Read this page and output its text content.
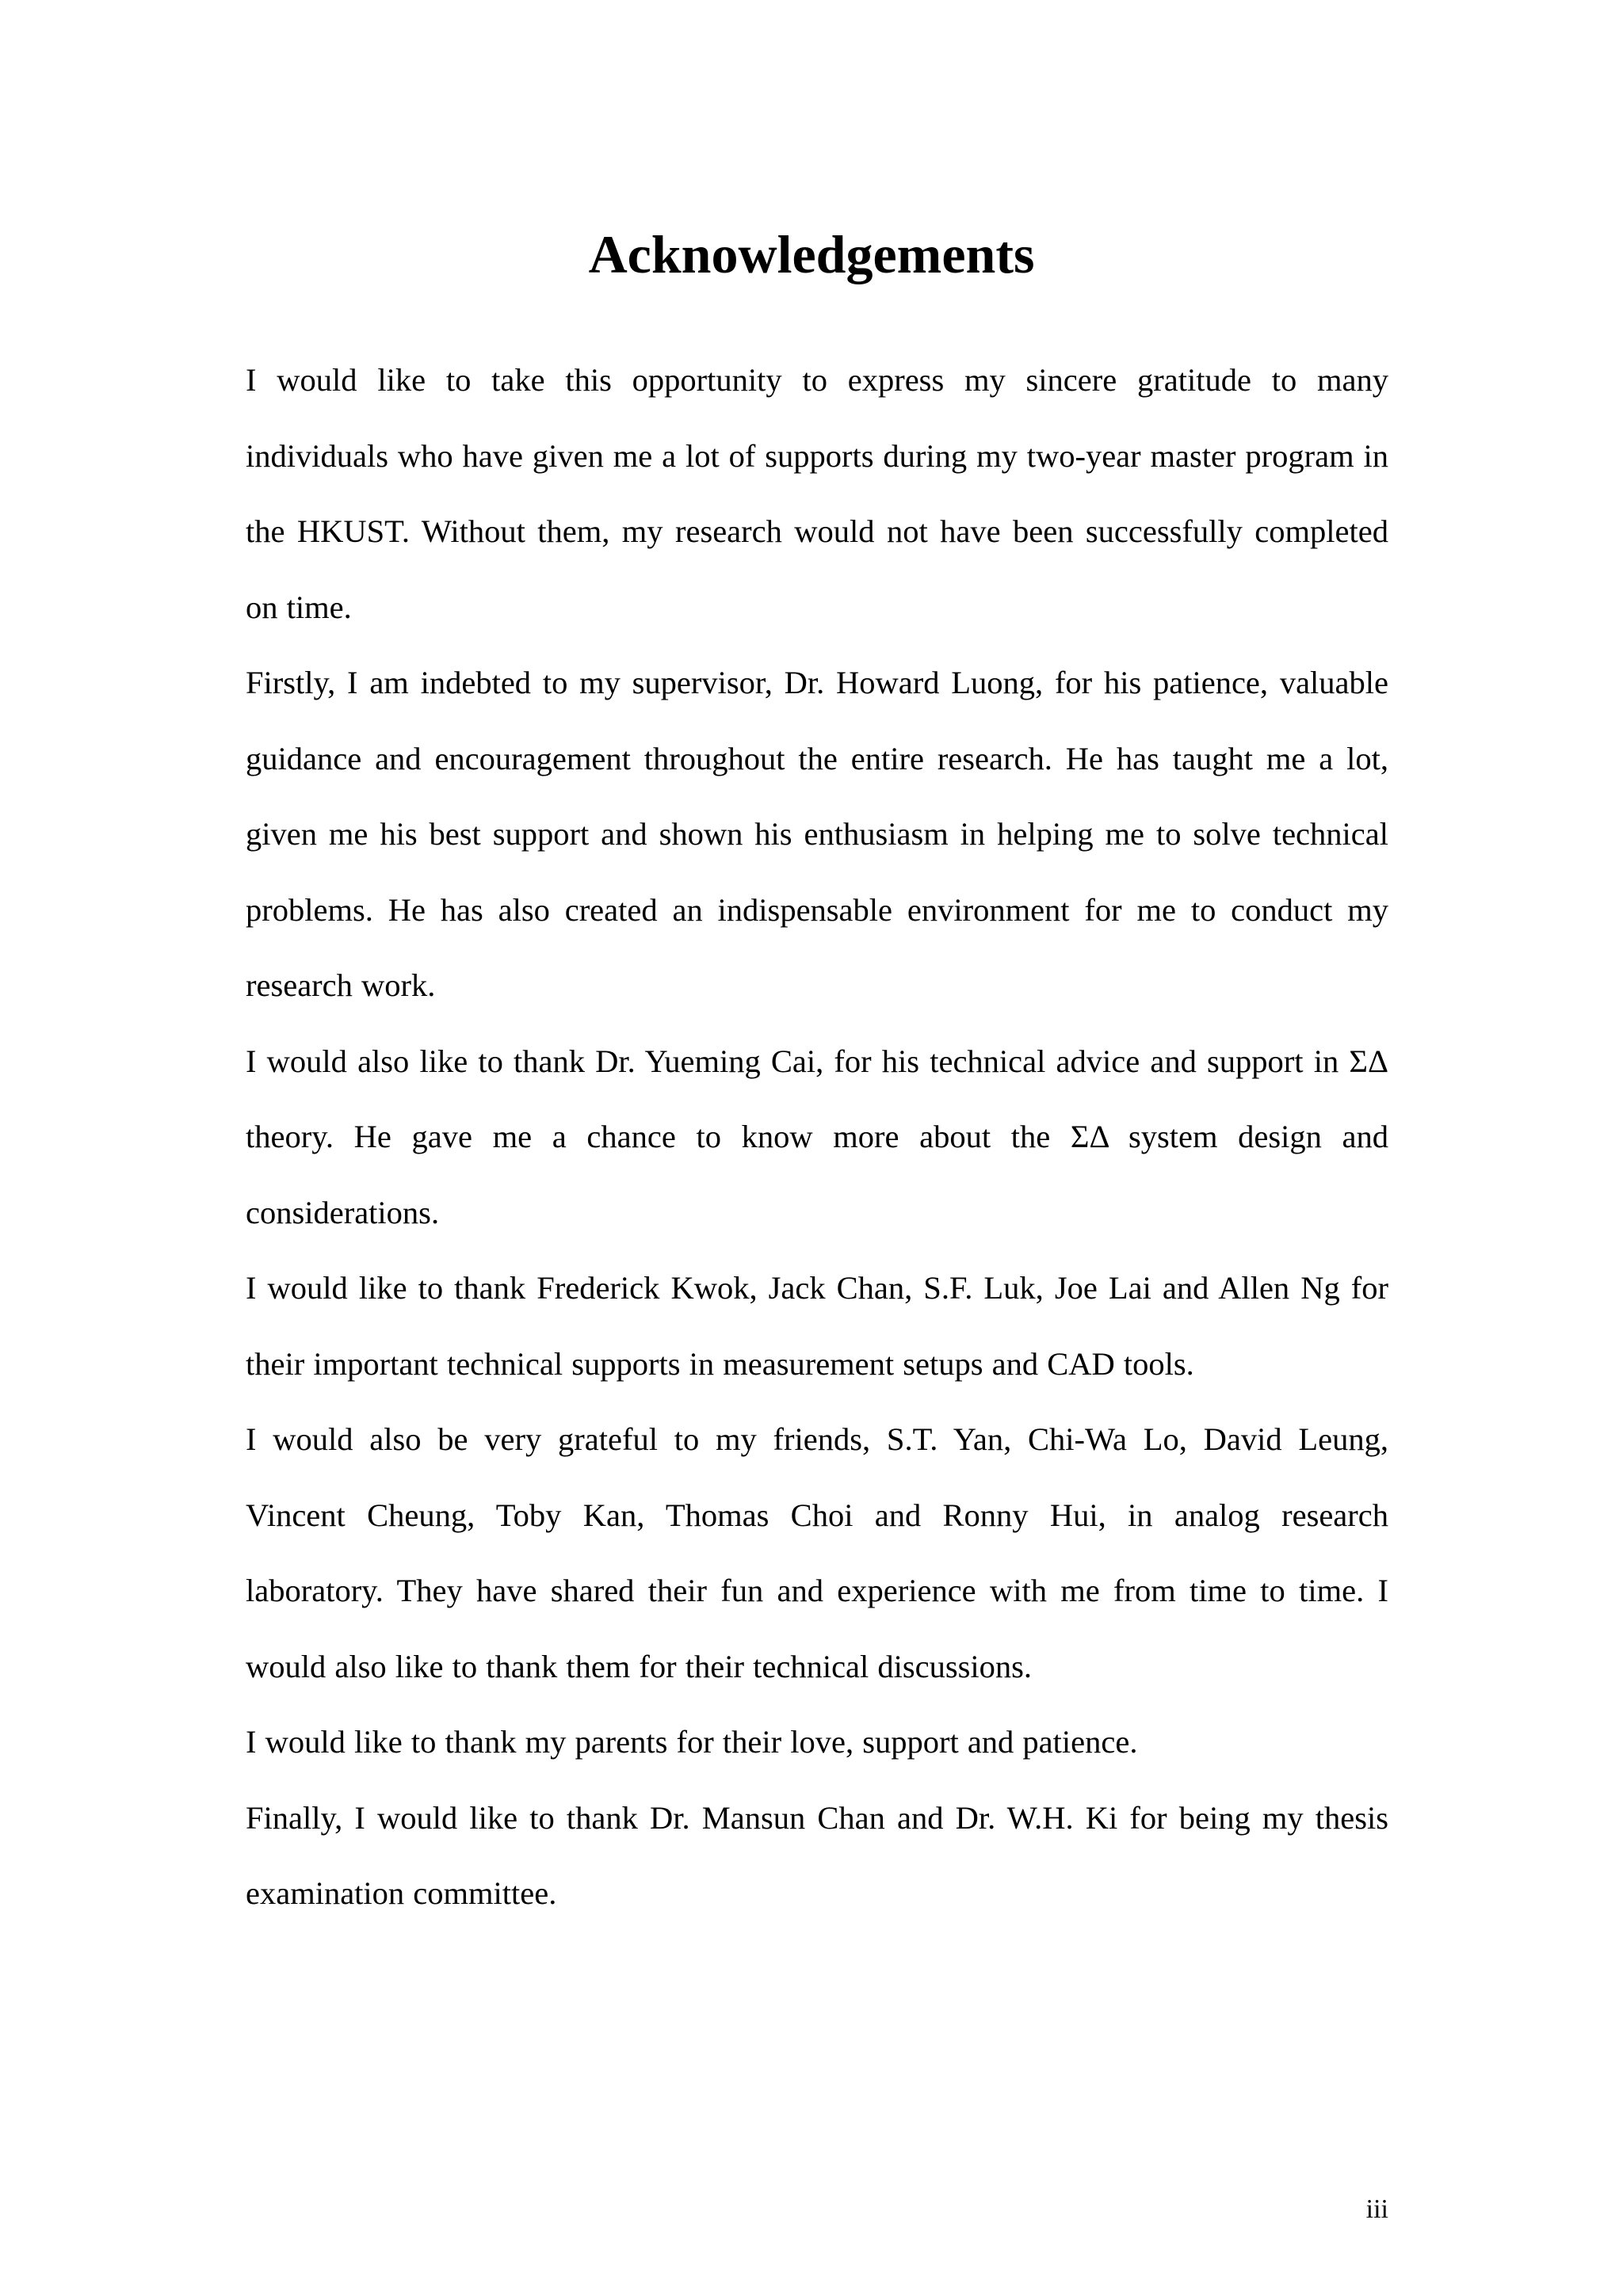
Acknowledgements

I would like to take this opportunity to express my sincere gratitude to many individuals who have given me a lot of supports during my two-year master program in the HKUST. Without them, my research would not have been successfully completed on time.

Firstly, I am indebted to my supervisor, Dr. Howard Luong, for his patience, valuable guidance and encouragement throughout the entire research. He has taught me a lot, given me his best support and shown his enthusiasm in helping me to solve technical problems. He has also created an indispensable environment for me to conduct my research work.

I would also like to thank Dr. Yueming Cai, for his technical advice and support in ΣΔ theory. He gave me a chance to know more about the ΣΔ system design and considerations.

I would like to thank Frederick Kwok, Jack Chan, S.F. Luk, Joe Lai and Allen Ng for their important technical supports in measurement setups and CAD tools.

I would also be very grateful to my friends, S.T. Yan, Chi-Wa Lo, David Leung, Vincent Cheung, Toby Kan, Thomas Choi and Ronny Hui, in analog research laboratory. They have shared their fun and experience with me from time to time. I would also like to thank them for their technical discussions.

I would like to thank my parents for their love, support and patience.

Finally, I would like to thank Dr. Mansun Chan and Dr. W.H. Ki for being my thesis examination committee.

iii
